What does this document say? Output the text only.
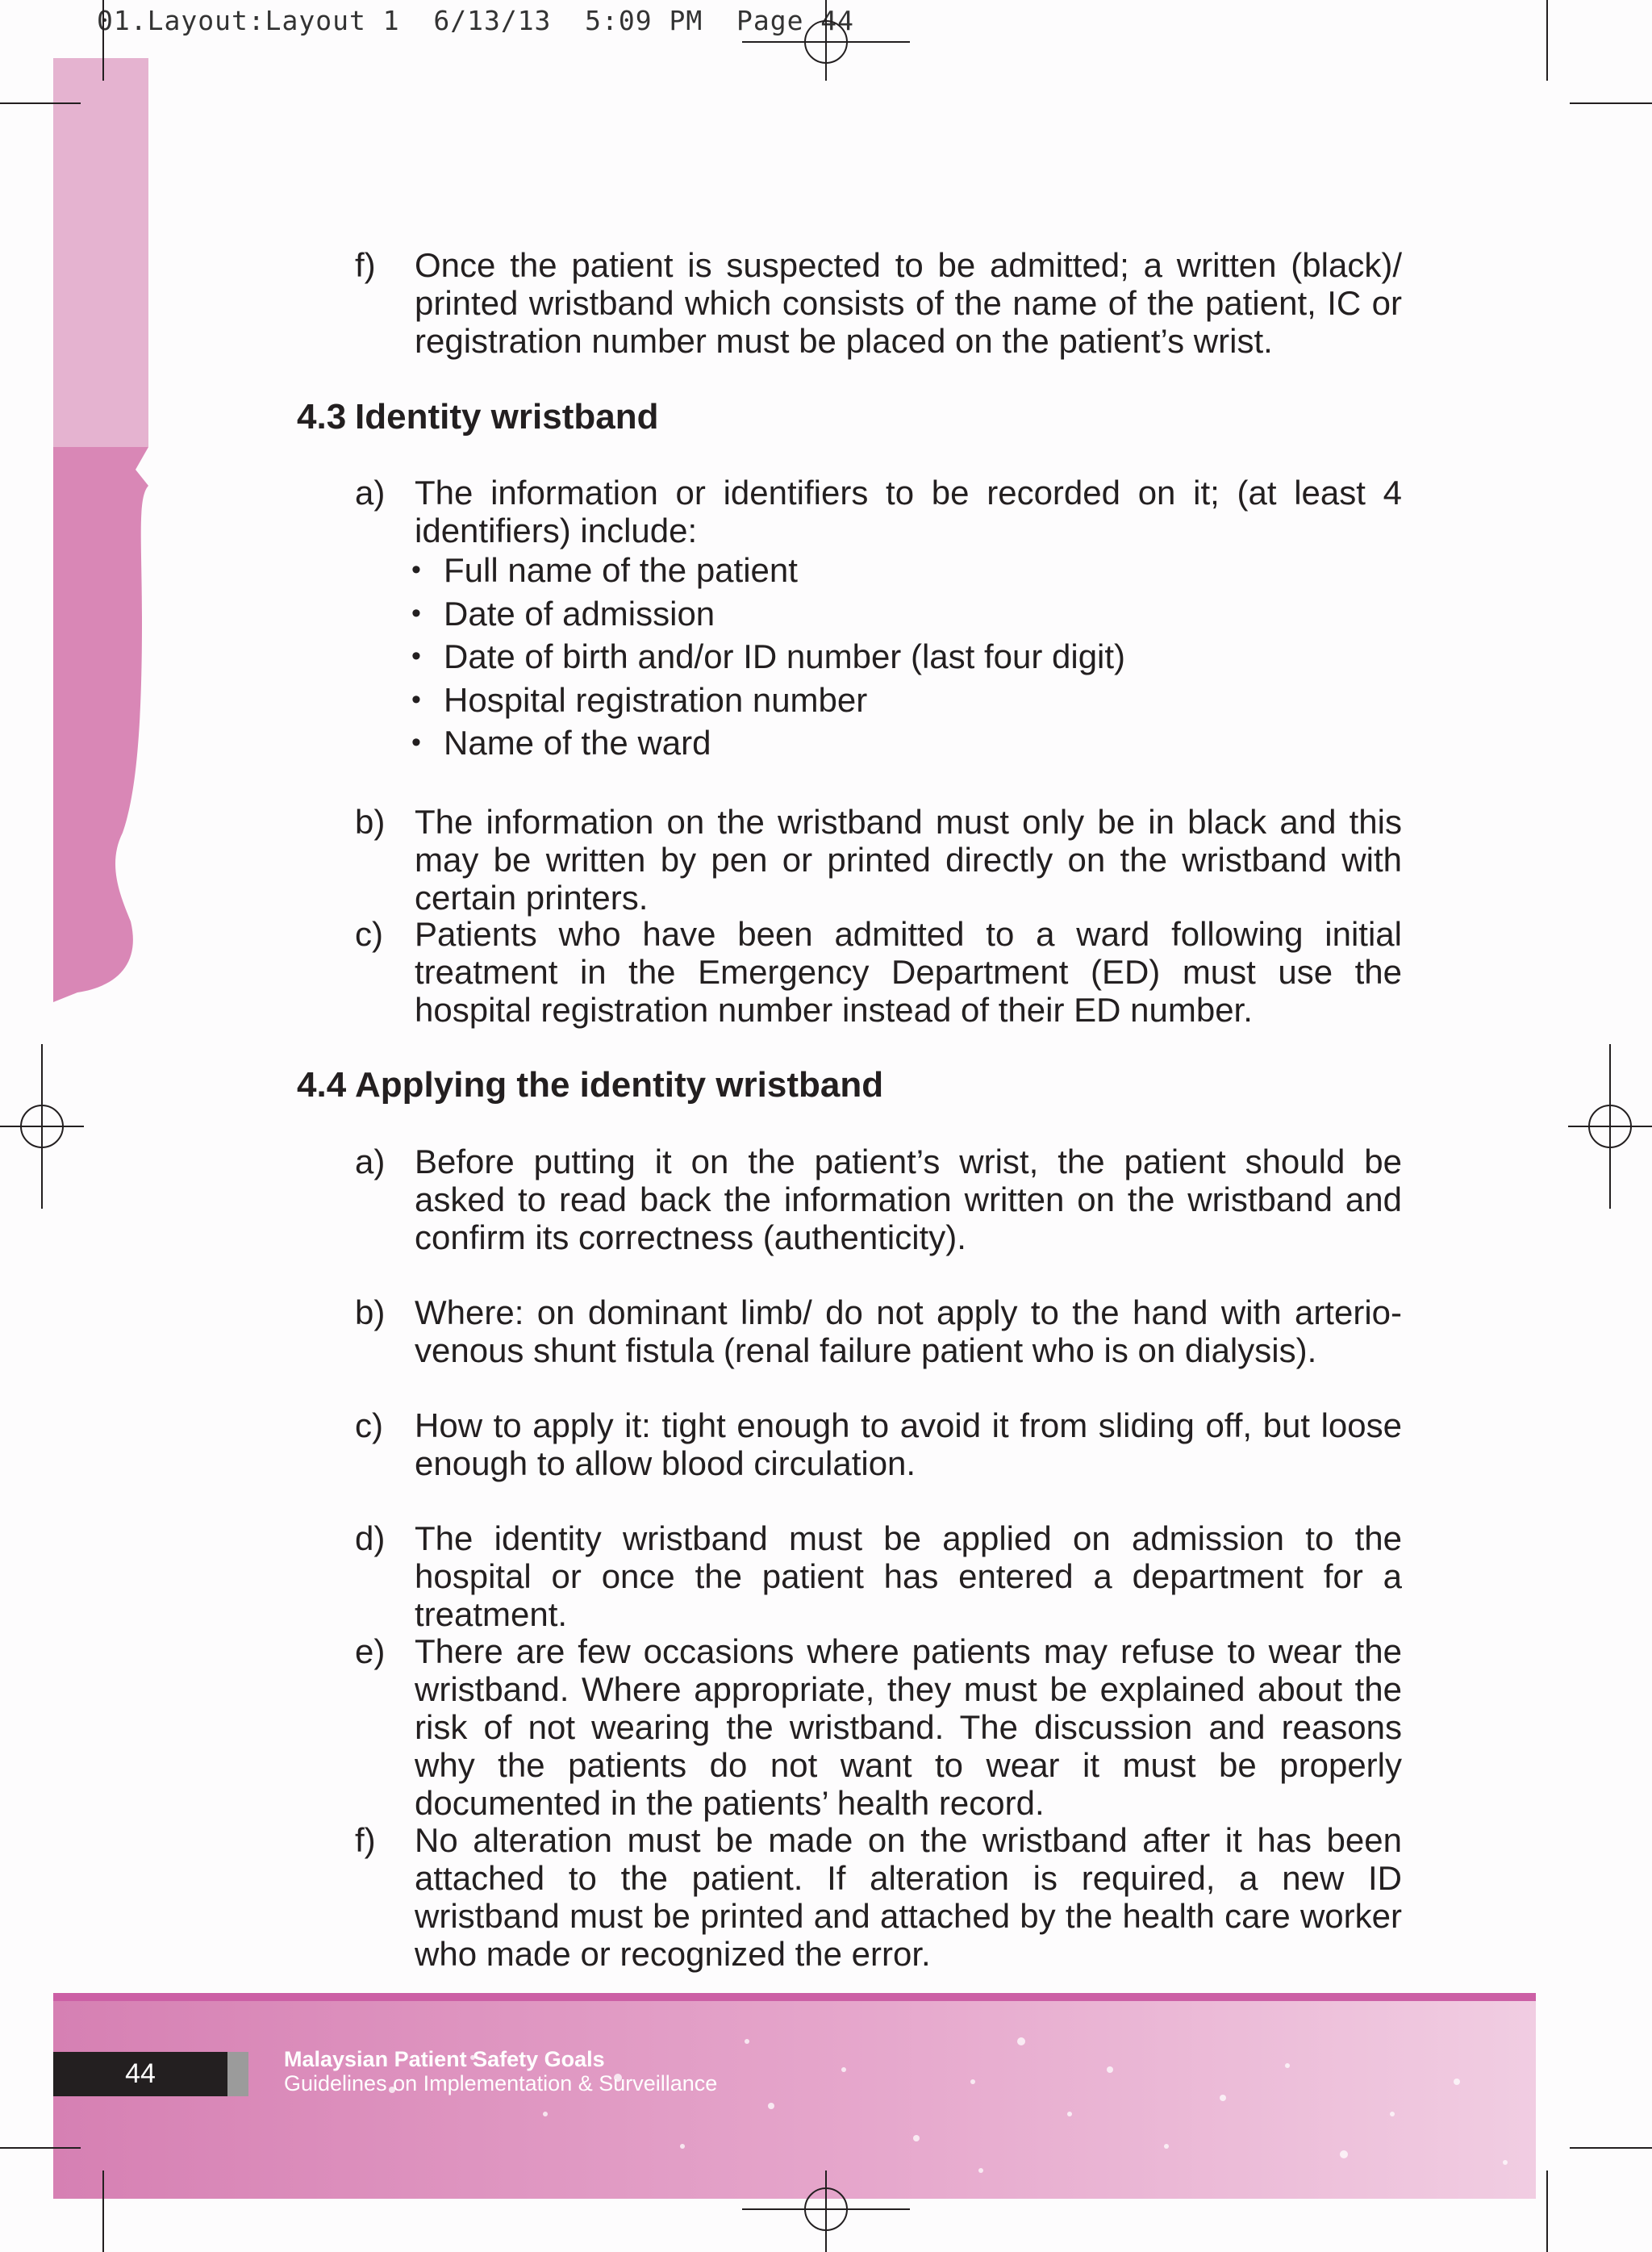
01.Layout:Layout 1  6/13/13  5:09 PM  Page 44
f) Once the patient is suspected to be admitted; a written (black)/ printed wristband which consists of the name of the patient, IC or registration number must be placed on the patient’s wrist.
4.3 Identity wristband
a) The information or identifiers to be recorded on it; (at least 4 identifiers) include:
• Full name of the patient
• Date of admission
• Date of birth and/or ID number (last four digit)
• Hospital registration number
• Name of the ward
b) The information on the wristband must only be in black and this may be written by pen or printed directly on the wristband with certain printers.
c) Patients who have been admitted to a ward following initial treatment in the Emergency Department (ED) must use the hospital registration number instead of their ED number.
4.4 Applying the identity wristband
a) Before putting it on the patient’s wrist, the patient should be asked to read back the information written on the wristband and confirm its correctness (authenticity).
b) Where: on dominant limb/ do not apply to the hand with arterio-venous shunt fistula (renal failure patient who is on dialysis).
c) How to apply it: tight enough to avoid it from sliding off, but loose enough to allow blood circulation.
d) The identity wristband must be applied on admission to the hospital or once the patient has entered a department for a treatment.
e) There are few occasions where patients may refuse to wear the wristband. Where appropriate, they must be explained about the risk of not wearing the wristband. The discussion and reasons why the patients do not want to wear it must be properly documented in the patients’ health record.
f) No alteration must be made on the wristband after it has been attached to the patient. If alteration is required, a new ID wristband must be printed and attached by the health care worker who made or recognized the error.
44	Malaysian Patient Safety Goals
Guidelines on Implementation & Surveillance
